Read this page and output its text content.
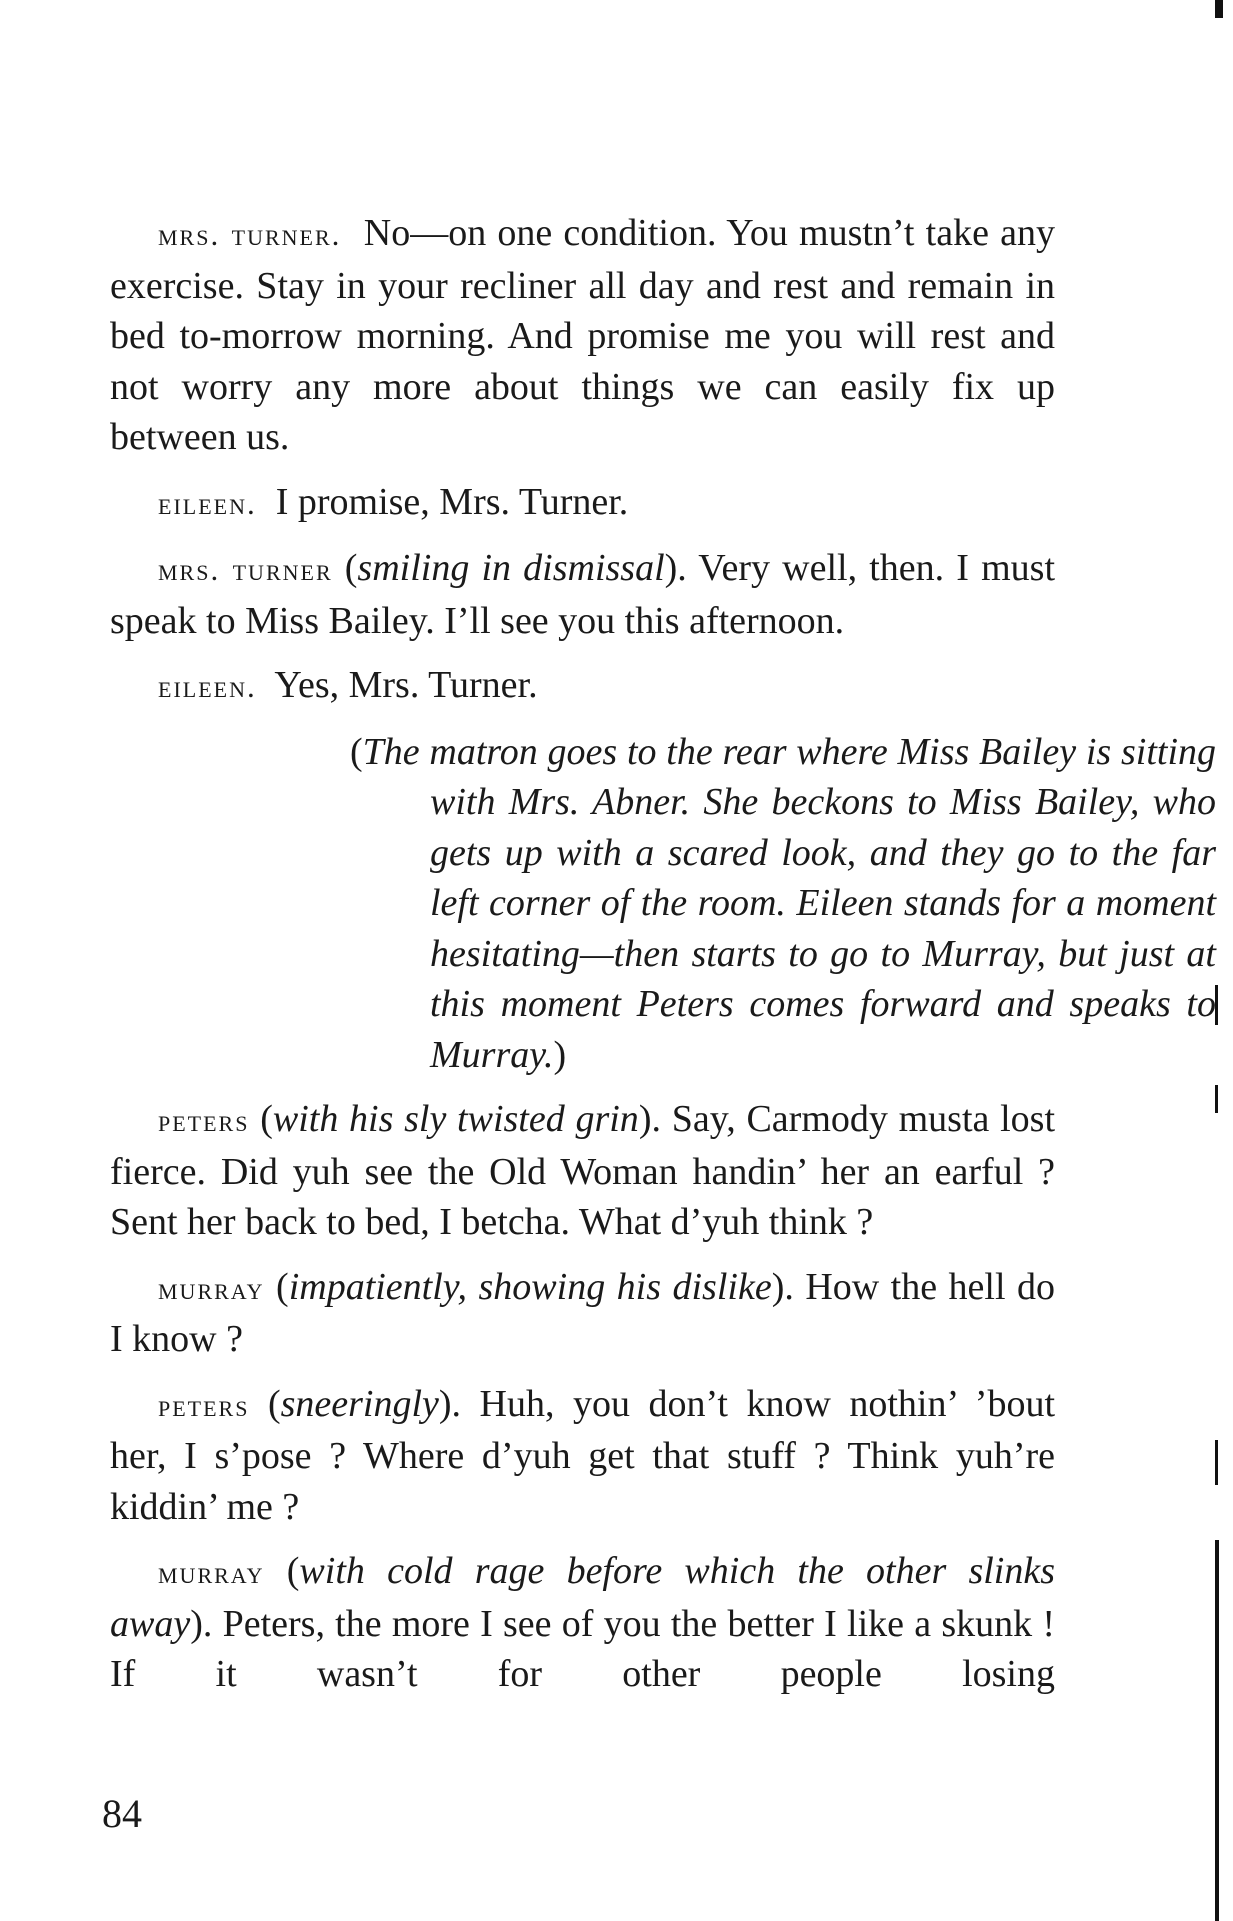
mrs. turner. No—on one condition. You mustn’t take any exercise. Stay in your recliner all day and rest and remain in bed to-morrow morning. And promise me you will rest and not worry any more about things we can easily fix up between us.

eileen. I promise, Mrs. Turner.

mrs. turner (smiling in dismissal). Very well, then. I must speak to Miss Bailey. I’ll see you this afternoon.

eileen. Yes, Mrs. Turner.

(The matron goes to the rear where Miss Bailey is sitting with Mrs. Abner. She beckons to Miss Bailey, who gets up with a scared look, and they go to the far left corner of the room. Eileen stands for a moment hesitating—then starts to go to Murray, but just at this moment Peters comes forward and speaks to Murray.)

peters (with his sly twisted grin). Say, Carmody musta lost fierce. Did yuh see the Old Woman handin’ her an earful ? Sent her back to bed, I betcha. What d’yuh think ?

murray (impatiently, showing his dislike). How the hell do I know ?

peters (sneeringly). Huh, you don’t know nothin’ ’bout her, I s’pose ? Where d’yuh get that stuff ? Think yuh’re kiddin’ me ?

murray (with cold rage before which the other slinks away). Peters, the more I see of you the better I like a skunk ! If it wasn’t for other people losing

84
